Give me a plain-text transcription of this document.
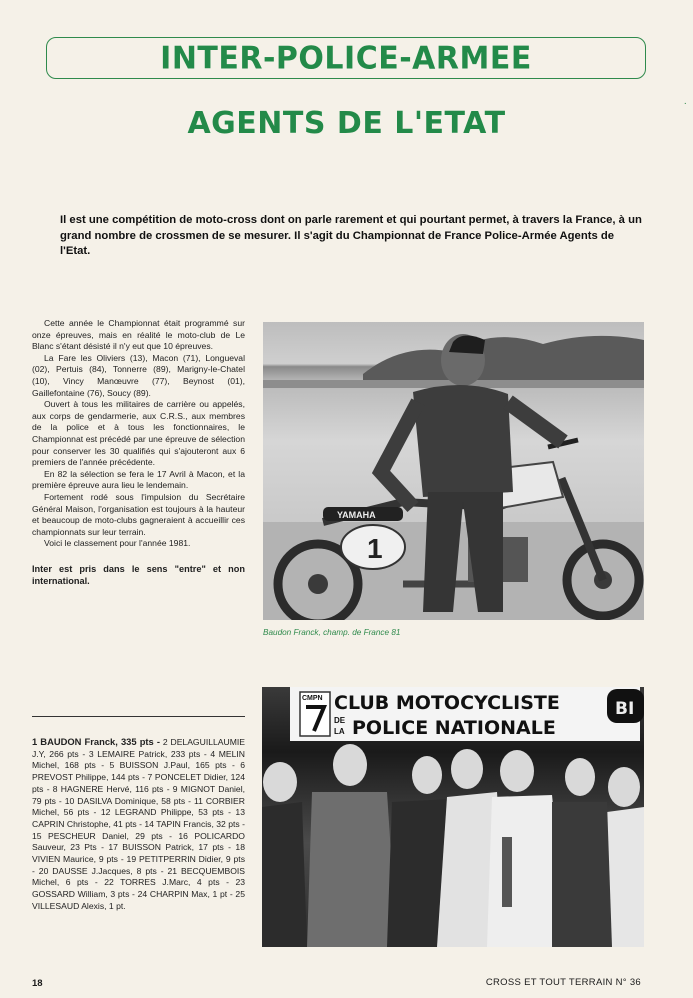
INTER-POLICE-ARMEE
AGENTS DE L'ETAT
·
Il est une compétition de moto-cross dont on parle rarement et qui pourtant permet, à travers la France, à un grand nombre de crossmen de se mesurer. Il s'agit du Championnat de France Police-Armée Agents de l'Etat.

Cette année le Championnat était programmé sur onze épreuves, mais en réalité le moto-club de Le Blanc s'étant désisté il n'y eut que 10 épreuves.

La Fare les Oliviers (13), Macon (71), Longueval (02), Pertuis (84), Tonnerre (89), Marigny-le-Chatel (10), Vincy Manœuvre (77), Beynost (01), Gaillefontaine (76), Soucy (89).

Ouvert à tous les militaires de carrière ou appelés, aux corps de gendarmerie, aux C.R.S., aux membres de la police et à tous les fonctionnaires, le Championnat est précédé par une épreuve de sélection pour conserver les 30 qualifiés qui s'ajouteront aux 6 premiers de l'année précédente.

En 82 la sélection se fera le 17 Avril à Macon, et la première épreuve aura lieu le lendemain.

Fortement rodé sous l'impulsion du Secrétaire Général Maison, l'organisation est toujours à la hauteur et beaucoup de moto-clubs gagneraient à accueillir ces championnats sur leur terrain.

Voici le classement pour l'année 1981.

Inter est pris dans le sens "entre" et non international.

1 BAUDON Franck, 335 pts - 2 DELAGUILLAUMIE J.Y, 266 pts - 3 LEMAIRE Patrick, 233 pts - 4 MELIN Michel, 168 pts - 5 BUISSON J.Paul, 165 pts - 6 PREVOST Philippe, 144 pts - 7 PONCELET Didier, 124 pts - 8 HAGNERE Hervé, 116 pts - 9 MIGNOT Daniel, 79 pts - 10 DASILVA Dominique, 58 pts - 11 CORBIER Michel, 56 pts - 12 LEGRAND Philippe, 53 pts - 13 CAPRIN Christophe, 41 pts - 14 TAPIN Francis, 32 pts - 15 PESCHEUR Daniel, 29 pts - 16 POLICARDO Sauveur, 23 Pts - 17 BUISSON Patrick, 17 pts - 18 VIVIEN Maurice, 9 pts - 19 PETITPERRIN Didier, 9 pts - 20 DAUSSE J.Jacques, 8 pts - 21 BECQUEMBOIS Michel, 6 pts - 22 TORRES J.Marc, 4 pts - 23 GOSSARD William, 3 pts - 24 CHARPIN Max, 1 pt - 25 VILLESAUD Alexis, 1 pt.
1
YAMAHA
Baudon Franck, champ. de France 81
CMPN CLUB MOTOCYCLISTE
DE
LA POLICE NATIONALE
BI
18	CROSS ET TOUT TERRAIN N° 36
